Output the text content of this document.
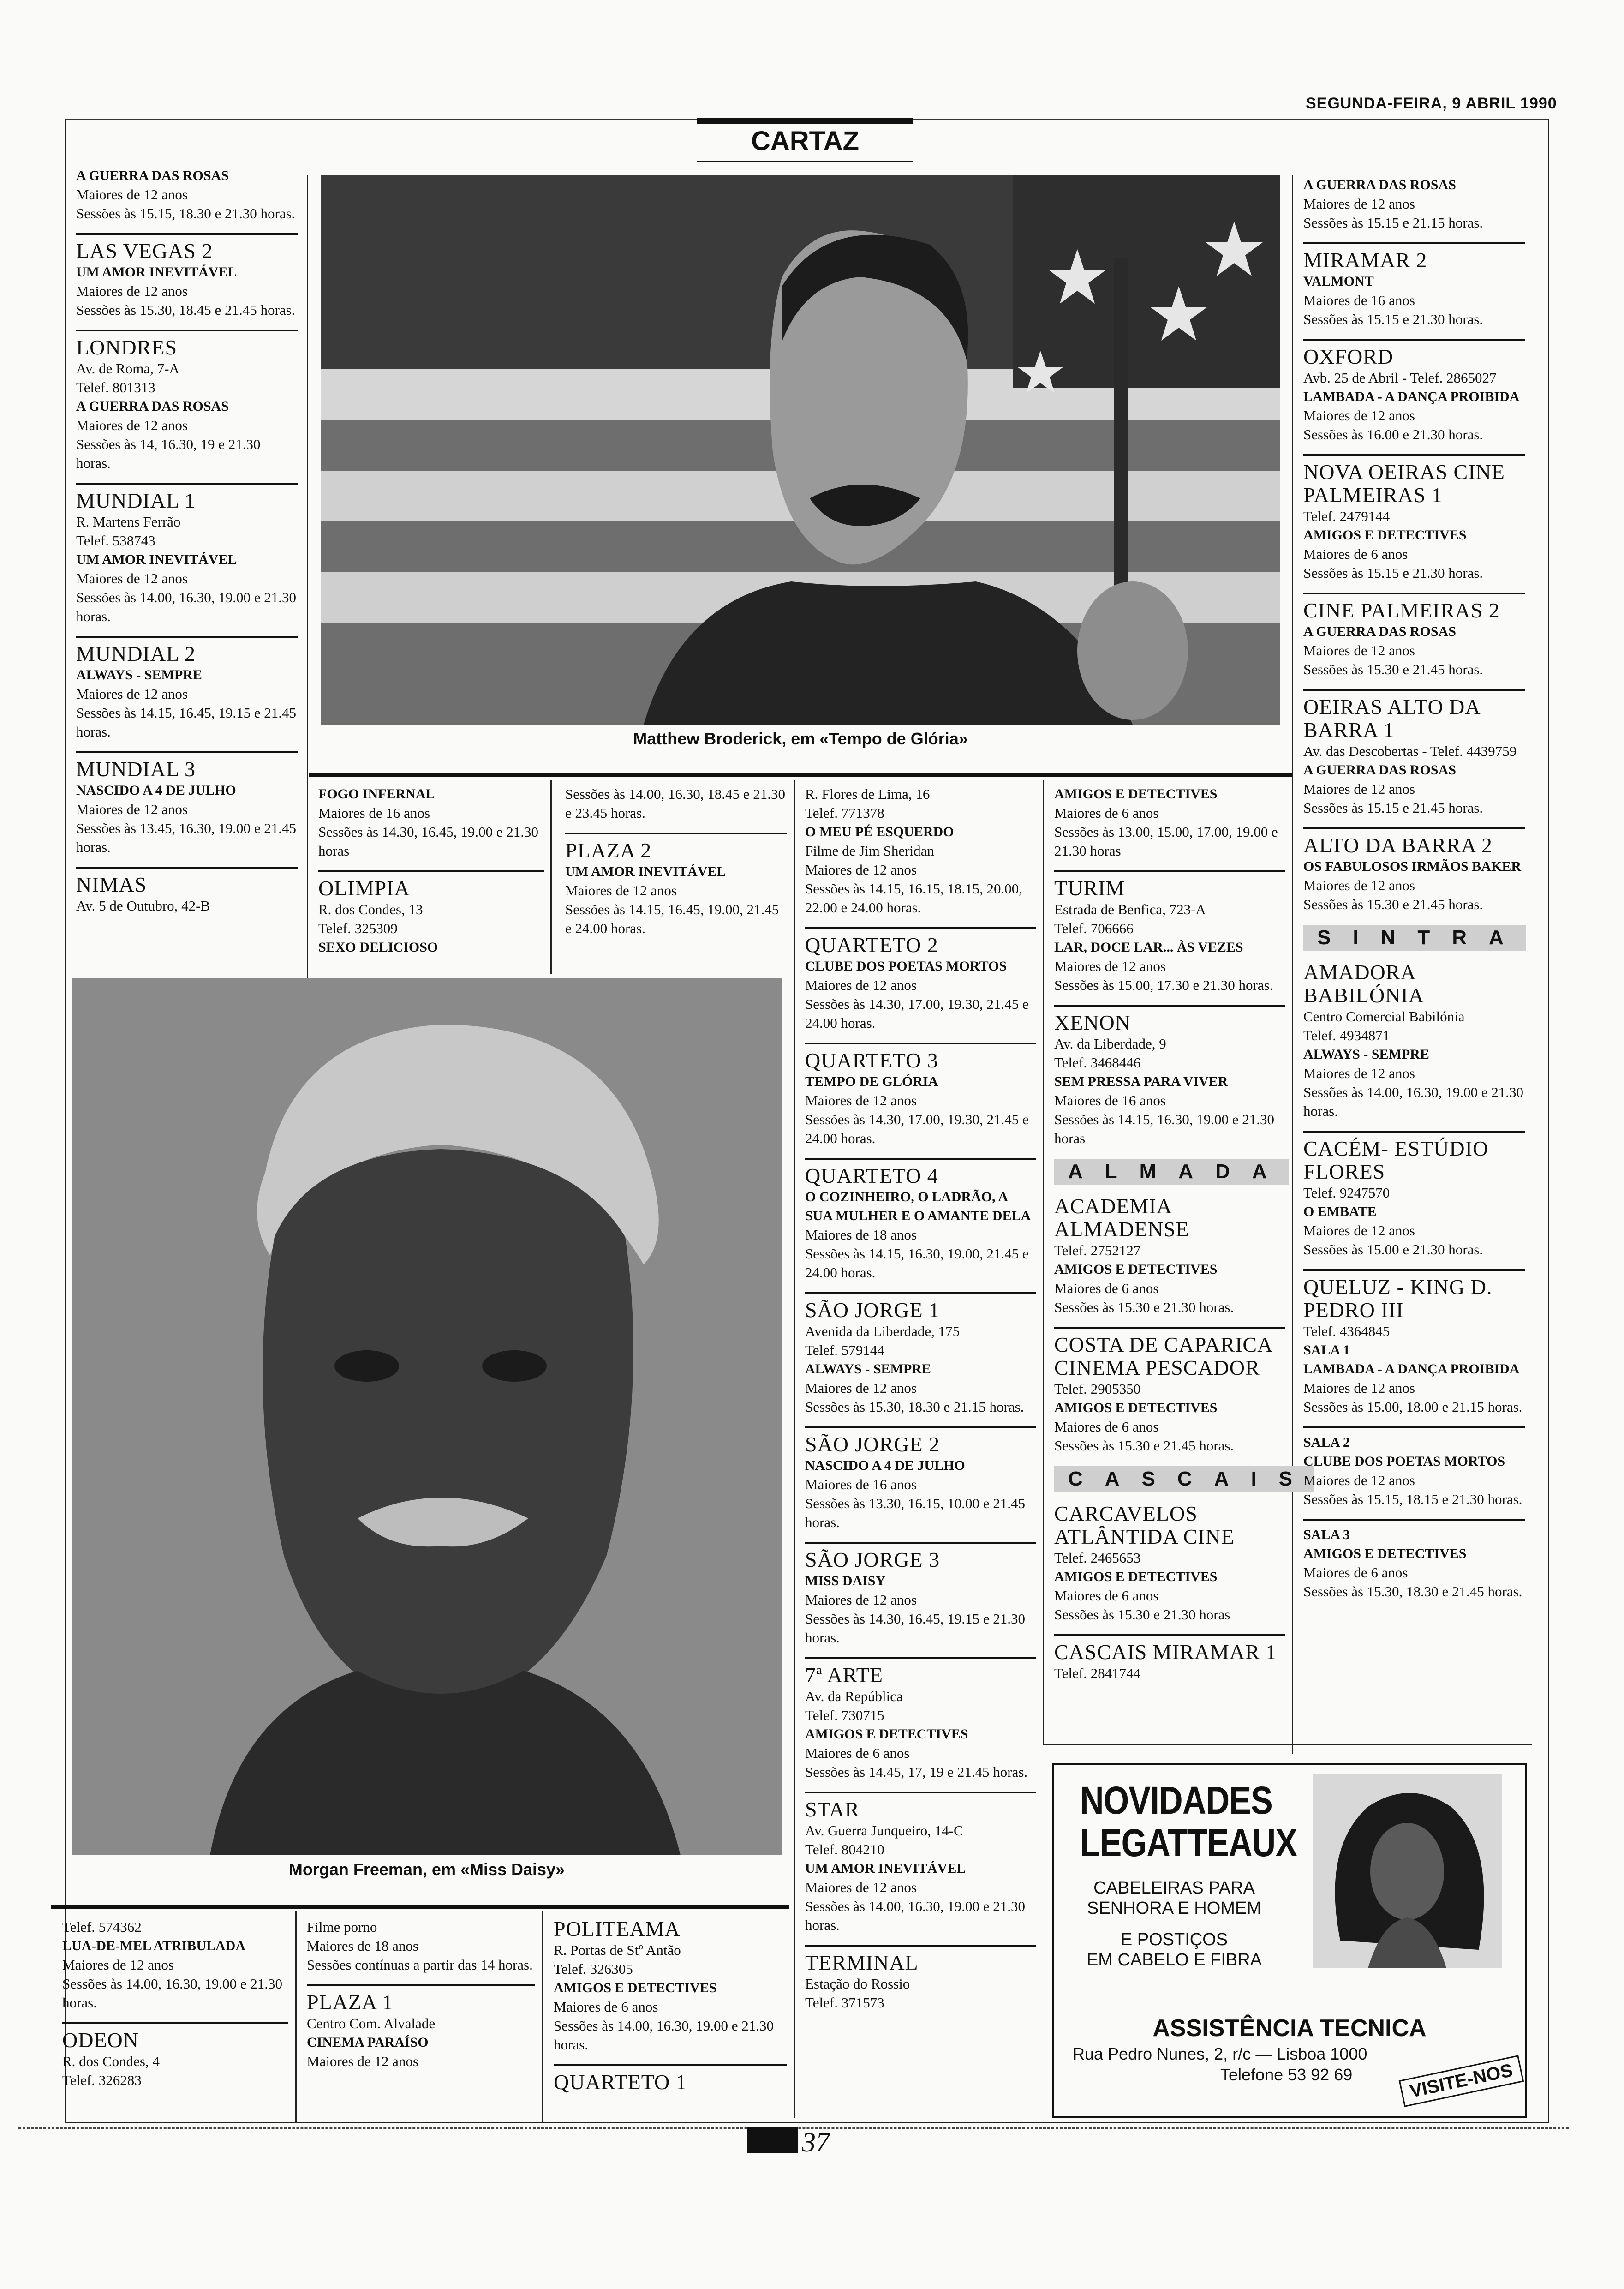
SEGUNDA-FEIRA, 9 ABRIL 1990
CARTAZ
Matthew Broderick, em «Tempo de Glória»
Morgan Freeman, em «Miss Daisy»
A GUERRA DAS ROSAS
Maiores de 12 anos
Sessões às 15.15, 18.30 e 21.30 horas.
LAS VEGAS 2
UM AMOR INEVITÁVEL
Maiores de 12 anos
Sessões às 15.30, 18.45 e 21.45 horas.
LONDRES
Av. de Roma, 7-A
Telef. 801313
A GUERRA DAS ROSAS
Maiores de 12 anos
Sessões às 14, 16.30, 19 e 21.30 horas.
MUNDIAL 1
R. Martens Ferrão
Telef. 538743
UM AMOR INEVITÁVEL
Maiores de 12 anos
Sessões às 14.00, 16.30, 19.00 e 21.30 horas.
MUNDIAL 2
ALWAYS - SEMPRE
Maiores de 12 anos
Sessões às 14.15, 16.45, 19.15 e 21.45 horas.
MUNDIAL 3
NASCIDO A 4 DE JULHO
Maiores de 12 anos
Sessões às 13.45, 16.30, 19.00 e 21.45 horas.
NIMAS
Av. 5 de Outubro, 42-B
FOGO INFERNAL
Maiores de 16 anos
Sessões às 14.30, 16.45, 19.00 e 21.30 horas
OLIMPIA
R. dos Condes, 13
Telef. 325309
SEXO DELICIOSO
Sessões às 14.00, 16.30, 18.45 e 21.30 e 23.45 horas.
PLAZA 2
UM AMOR INEVITÁVEL
Maiores de 12 anos
Sessões às 14.15, 16.45, 19.00, 21.45 e 24.00 horas.
R. Flores de Lima, 16
Telef. 771378
O MEU PÉ ESQUERDO
Filme de Jim Sheridan
Maiores de 12 anos
Sessões às 14.15, 16.15, 18.15, 20.00, 22.00 e 24.00 horas.
QUARTETO 2
CLUBE DOS POETAS MORTOS
Maiores de 12 anos
Sessões às 14.30, 17.00, 19.30, 21.45 e 24.00 horas.
QUARTETO 3
TEMPO DE GLÓRIA
Maiores de 12 anos
Sessões às 14.30, 17.00, 19.30, 21.45 e 24.00 horas.
QUARTETO 4
O COZINHEIRO, O LADRÃO, A SUA MULHER E O AMANTE DELA
Maiores de 18 anos
Sessões às 14.15, 16.30, 19.00, 21.45 e 24.00 horas.
SÃO JORGE 1
Avenida da Liberdade, 175
Telef. 579144
ALWAYS - SEMPRE
Maiores de 12 anos
Sessões às 15.30, 18.30 e 21.15 horas.
SÃO JORGE 2
NASCIDO A 4 DE JULHO
Maiores de 16 anos
Sessões às 13.30, 16.15, 10.00 e 21.45 horas.
SÃO JORGE 3
MISS DAISY
Maiores de 12 anos
Sessões às 14.30, 16.45, 19.15 e 21.30 horas.
7ª ARTE
Av. da República
Telef. 730715
AMIGOS E DETECTIVES
Maiores de 6 anos
Sessões às 14.45, 17, 19 e 21.45 horas.
STAR
Av. Guerra Junqueiro, 14-C
Telef. 804210
UM AMOR INEVITÁVEL
Maiores de 12 anos
Sessões às 14.00, 16.30, 19.00 e 21.30 horas.
TERMINAL
Estação do Rossio
Telef. 371573
AMIGOS E DETECTIVES
Maiores de 6 anos
Sessões às 13.00, 15.00, 17.00, 19.00 e 21.30 horas
TURIM
Estrada de Benfica, 723-A
Telef. 706666
LAR, DOCE LAR... ÀS VEZES
Maiores de 12 anos
Sessões às 15.00, 17.30 e 21.30 horas.
XENON
Av. da Liberdade, 9
Telef. 3468446
SEM PRESSA PARA VIVER
Maiores de 16 anos
Sessões às 14.15, 16.30, 19.00 e 21.30 horas
ALMADA
ACADEMIA ALMADENSE
Telef. 2752127
AMIGOS E DETECTIVES
Maiores de 6 anos
Sessões às 15.30 e 21.30 horas.
COSTA DE CAPARICA CINEMA PESCADOR
Telef. 2905350
AMIGOS E DETECTIVES
Maiores de 6 anos
Sessões às 15.30 e 21.45 horas.
CASCAIS
CARCAVELOS ATLÂNTIDA CINE
Telef. 2465653
AMIGOS E DETECTIVES
Maiores de 6 anos
Sessões às 15.30 e 21.30 horas
CASCAIS MIRAMAR 1
Telef. 2841744
A GUERRA DAS ROSAS
Maiores de 12 anos
Sessões às 15.15 e 21.15 horas.
MIRAMAR 2
VALMONT
Maiores de 16 anos
Sessões às 15.15 e 21.30 horas.
OXFORD
Avb. 25 de Abril - Telef. 2865027
LAMBADA - A DANÇA PROIBIDA
Maiores de 12 anos
Sessões às 16.00 e 21.30 horas.
NOVA OEIRAS CINE PALMEIRAS 1
Telef. 2479144
AMIGOS E DETECTIVES
Maiores de 6 anos
Sessões às 15.15 e 21.30 horas.
CINE PALMEIRAS 2
A GUERRA DAS ROSAS
Maiores de 12 anos
Sessões às 15.30 e 21.45 horas.
OEIRAS ALTO DA BARRA 1
Av. das Descobertas - Telef. 4439759
A GUERRA DAS ROSAS
Maiores de 12 anos
Sessões às 15.15 e 21.45 horas.
ALTO DA BARRA 2
OS FABULOSOS IRMÃOS BAKER
Maiores de 12 anos
Sessões às 15.30 e 21.45 horas.
SINTRA
AMADORA BABILÓNIA
Centro Comercial Babilónia
Telef. 4934871
ALWAYS - SEMPRE
Maiores de 12 anos
Sessões às 14.00, 16.30, 19.00 e 21.30 horas.
CACÉM- ESTÚDIO FLORES
Telef. 9247570
O EMBATE
Maiores de 12 anos
Sessões às 15.00 e 21.30 horas.
QUELUZ - KING D. PEDRO III
Telef. 4364845
SALA 1
LAMBADA - A DANÇA PROIBIDA
Maiores de 12 anos
Sessões às 15.00, 18.00 e 21.15 horas.
SALA 2
CLUBE DOS POETAS MORTOS
Maiores de 12 anos
Sessões às 15.15, 18.15 e 21.30 horas.
SALA 3
AMIGOS E DETECTIVES
Maiores de 6 anos
Sessões às 15.30, 18.30 e 21.45 horas.
Telef. 574362
LUA-DE-MEL ATRIBULADA
Maiores de 12 anos
Sessões às 14.00, 16.30, 19.00 e 21.30 horas.
ODEON
R. dos Condes, 4
Telef. 326283
Filme porno
Maiores de 18 anos
Sessões contínuas a partir das 14 horas.
PLAZA 1
Centro Com. Alvalade
CINEMA PARAÍSO
Maiores de 12 anos
POLITEAMA
R. Portas de Stº Antão
Telef. 326305
AMIGOS E DETECTIVES
Maiores de 6 anos
Sessões às 14.00, 16.30, 19.00 e 21.30 horas.
QUARTETO 1
NOVIDADES
LEGATTEAUX
CABELEIRAS PARA
SENHORA E HOMEM
E POSTIÇOS
EM CABELO E FIBRA
ASSISTÊNCIA TECNICA
Rua Pedro Nunes, 2, r/c — Lisboa 1000
Telefone 53 92 69	VISITE-NOS
37
